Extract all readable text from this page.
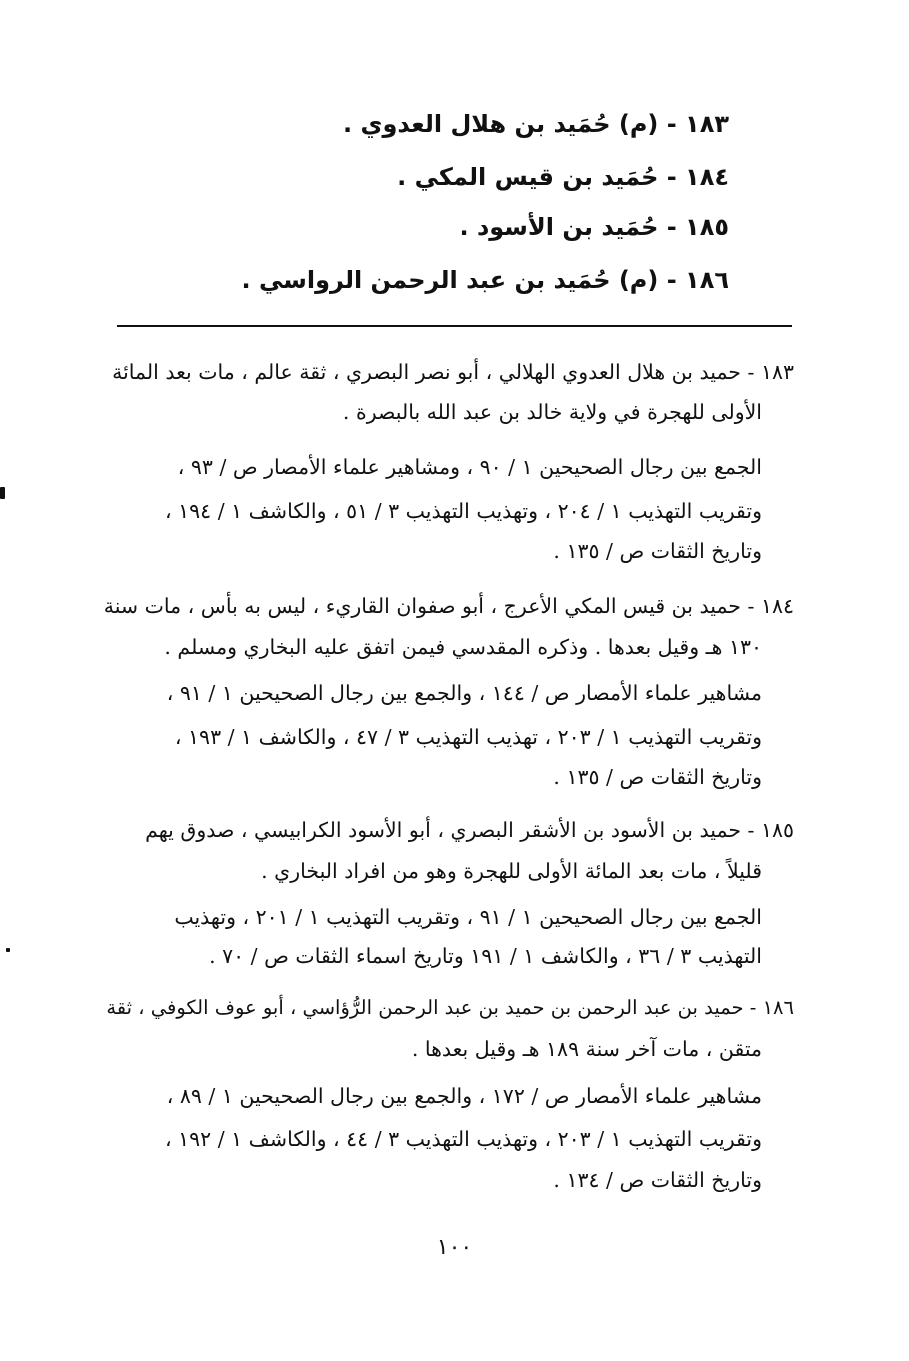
١٨٣ - (م) حُمَيد بن هلال العدوي .
١٨٤ - حُمَيد بن قيس المكي .
١٨٥ - حُمَيد بن الأسود .
١٨٦ - (م) حُمَيد بن عبد الرحمن الرواسي .
١٨٣ - حميد بن هلال العدوي الهلالي ، أبو نصر البصري ، ثقة عالم ، مات بعد المائة
الأولى للهجرة في ولاية خالد بن عبد الله بالبصرة .
الجمع بين رجال الصحيحين ١ / ٩٠ ، ومشاهير علماء الأمصار ص / ٩٣ ،
وتقريب التهذيب ١ / ٢٠٤ ، وتهذيب التهذيب ٣ / ٥١ ، والكاشف ١ / ١٩٤ ،
وتاريخ الثقات ص / ١٣٥ .
١٨٤ - حميد بن قيس المكي الأعرج ، أبو صفوان القاريء ، ليس به بأس ، مات سنة
١٣٠ هـ وقيل بعدها . وذكره المقدسي فيمن اتفق عليه البخاري ومسلم .
مشاهير علماء الأمصار ص / ١٤٤ ، والجمع بين رجال الصحيحين ١ / ٩١ ،
وتقريب التهذيب ١ / ٢٠٣ ، تهذيب التهذيب ٣ / ٤٧ ، والكاشف ١ / ١٩٣ ،
وتاريخ الثقات ص / ١٣٥ .
١٨٥ - حميد بن الأسود بن الأشقر البصري ، أبو الأسود الكرابيسي ، صدوق يهم
قليلاً ، مات بعد المائة الأولى للهجرة وهو من افراد البخاري .
الجمع بين رجال الصحيحين ١ / ٩١ ، وتقريب التهذيب ١ / ٢٠١ ، وتهذيب
التهذيب ٣ / ٣٦ ، والكاشف ١ / ١٩١ وتاريخ اسماء الثقات ص / ٧٠ .
١٨٦ - حميد بن عبد الرحمن بن حميد بن عبد الرحمن الرُّؤاسي ، أبو عوف الكوفي ، ثقة
متقن ، مات آخر سنة ١٨٩ هـ وقيل بعدها .
مشاهير علماء الأمصار ص / ١٧٢ ، والجمع بين رجال الصحيحين ١ / ٨٩ ،
وتقريب التهذيب ١ / ٢٠٣ ، وتهذيب التهذيب ٣ / ٤٤ ، والكاشف ١ / ١٩٢ ،
وتاريخ الثقات ص / ١٣٤ .
١٠٠
